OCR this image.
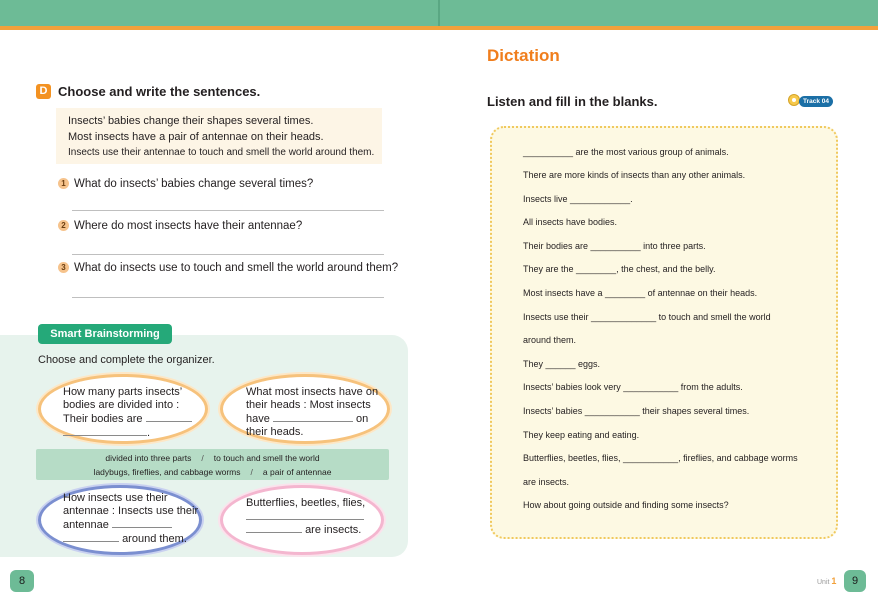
D Choose and write the sentences.
Insects’ babies change their shapes several times.
Most insects have a pair of antennae on their heads.
Insects use their antennae to touch and smell the world around them.
1 What do insects’ babies change several times?
2 Where do most insects have their antennae?
3 What do insects use to touch and smell the world around them?
Smart Brainstorming
Choose and complete the organizer.
How many parts insects’
bodies are divided into :
Their bodies are
.
What most insects have on
their heads : Most insects
have	on
their heads.
divided into three parts / to touch and smell the world
ladybugs, fireflies, and cabbage worms / a pair of antennae
How insects use their
antennae : Insects use their
antennae
around them.
Butterflies, beetles, flies,
are insects.
8
Dictation
Listen and fill in the blanks.	Track 04
__________ are the most various group of animals.
There are more kinds of insects than any other animals.
Insects live ____________.
All insects have bodies.
Their bodies are __________ into three parts.
They are the ________, the chest, and the belly.
Most insects have a ________ of antennae on their heads.
Insects use their _____________ to touch and smell the world
around them.
They ______ eggs.
Insects’ babies look very ___________ from the adults.
Insects’ babies ___________ their shapes several times.
They keep eating and eating.
Butterflies, beetles, flies, ___________, fireflies, and cabbage worms
are insects.
How about going outside and finding some insects?
Unit 1	9
